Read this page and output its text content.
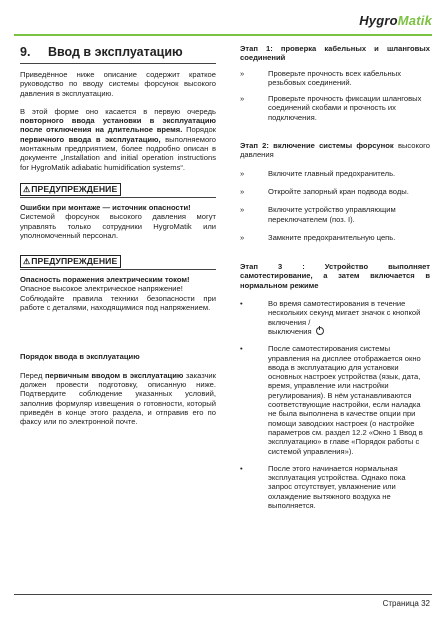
HygroMatik
9. Ввод в эксплуатацию

Приведённое ниже описание содержит краткое руководство по вводу системы форсунок высокого давления в эксплуатацию.

В этой форме оно касается в первую очередь повторного ввода установки в эксплуатацию после отключения на длительное время. Порядок первичного ввода в эксплуатацию, выполняемого монтажным предприятием, более подробно описан в документе „Installation and initial operation instructions for HygroMatik adiabatic humidification systems“.

⚠ПРЕДУПРЕЖДЕНИЕ

Ошибки при монтаже — источник опасности!

Системой форсунок высокого давления могут управлять только сотрудники HygroMatik или уполномоченный персонал.

⚠ПРЕДУПРЕЖДЕНИЕ

Опасность поражения электрическим током!

Опасное высокое электрическое напряжение!

Соблюдайте правила техники безопасности при работе с деталями, находящимися под напряжением.

Порядок ввода в эксплуатацию

Перед первичным вводом в эксплуатацию заказчик должен провести подготовку, описанную ниже. Подтвердите соблюдение указанных условий, заполнив формуляр извещения о готовности, который приведён в конце этого раздела, и отправив его по факсу или по электронной почте.

Этап 1: проверка кабельных и шланговых соединений

»	Проверьте прочность всех кабельных резьбовых соединений.
»	Проверьте прочность фиксации шланговых соединений скобами и прочность их подключения.

Этап 2: включение системы форсунок высокого давления

»	Включите главный предохранитель.
»	Откройте запорный кран подвода воды.
»	Включите устройство управляющим переключателем (поз. I).
»	Замкните предохранительную цепь.

Этап 3 : Устройство выполняет самотестирование, а затем включается в нормальном режиме

•	Во время самотестирования в течение нескольких секунд мигает значок с кнопкой включения /
выключения
•	После самотестирования системы управления на дисплее отображается окно ввода в эксплуатацию для установки основных настроек устройства (язык, дата, время, управление или настройки регулирования). В нём устанавливаются соответствующие настройки, если наладка не была выполнена в качестве опции при помощи заводских настроек (о настройке параметров см. раздел 12.2 «Окно 1 Ввод в эксплуатацию» в главе «Порядок работы с системой управления»).
•	После этого начинается нормальная эксплуатация устройства. Однако пока запрос отсутствует, увлажнение или охлаждение вытяжного воздуха не выполняется.
Страница 32
